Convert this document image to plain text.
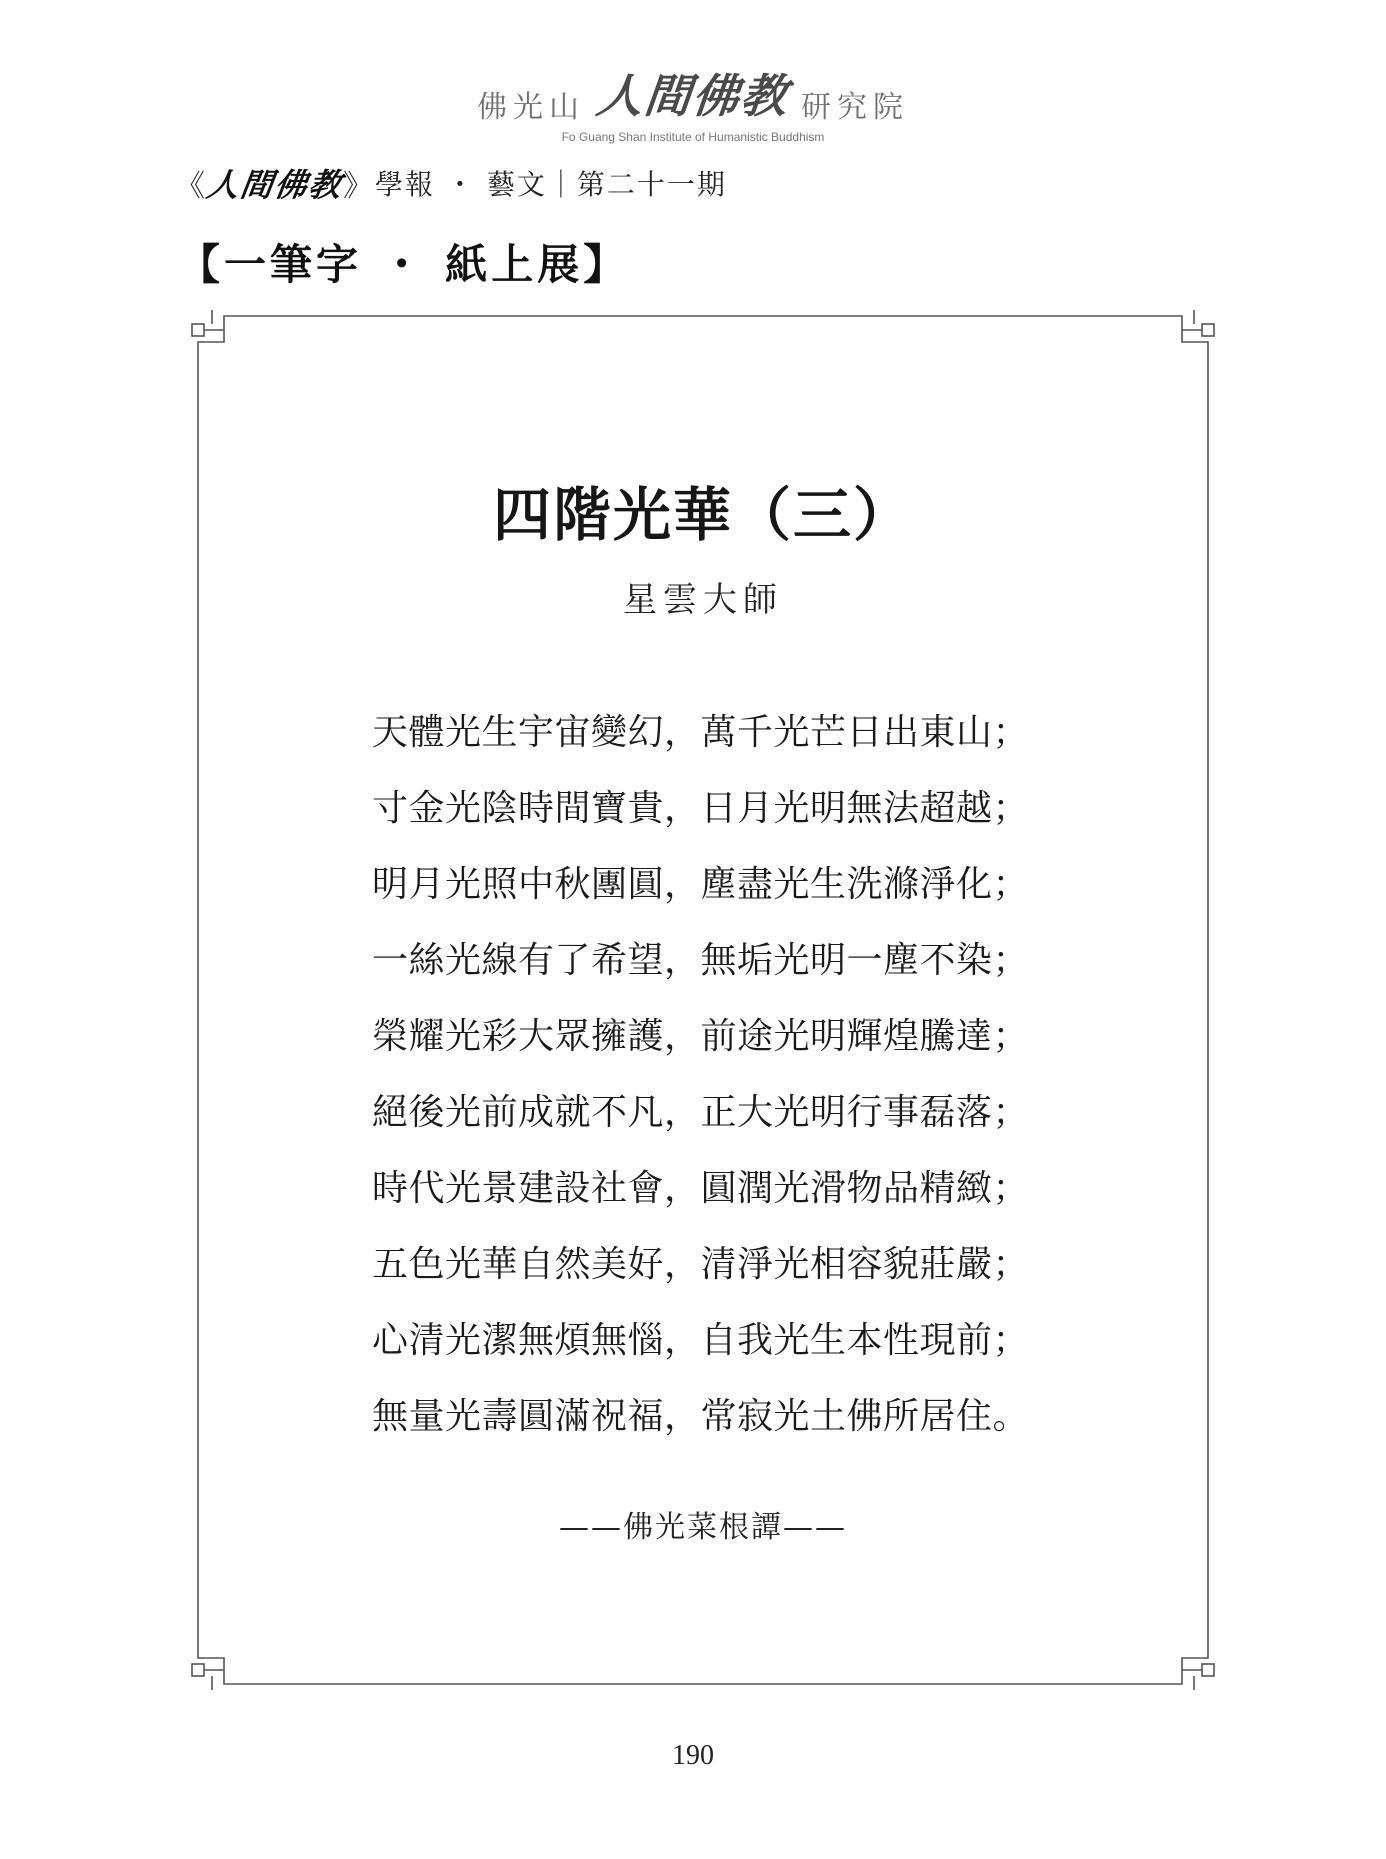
佛光山 人間佛教 研究院
Fo Guang Shan Institute of Humanistic Buddhism
《
人間佛教
》 學報 ・ 藝文｜第二十一期
【一筆字 ・ 紙上展】
四階光華（三）
星雲大師
天體光生宇宙變幻，萬千光芒日出東山；
寸金光陰時間寶貴，日月光明無法超越；
明月光照中秋團圓，塵盡光生洗滌淨化；
一絲光線有了希望，無垢光明一塵不染；
榮耀光彩大眾擁護，前途光明輝煌騰達；
絕後光前成就不凡，正大光明行事磊落；
時代光景建設社會，圓潤光滑物品精緻；
五色光華自然美好，清淨光相容貌莊嚴；
心清光潔無煩無惱，自我光生本性現前；
無量光壽圓滿祝福，常寂光土佛所居住。
——佛光菜根譚——
190
